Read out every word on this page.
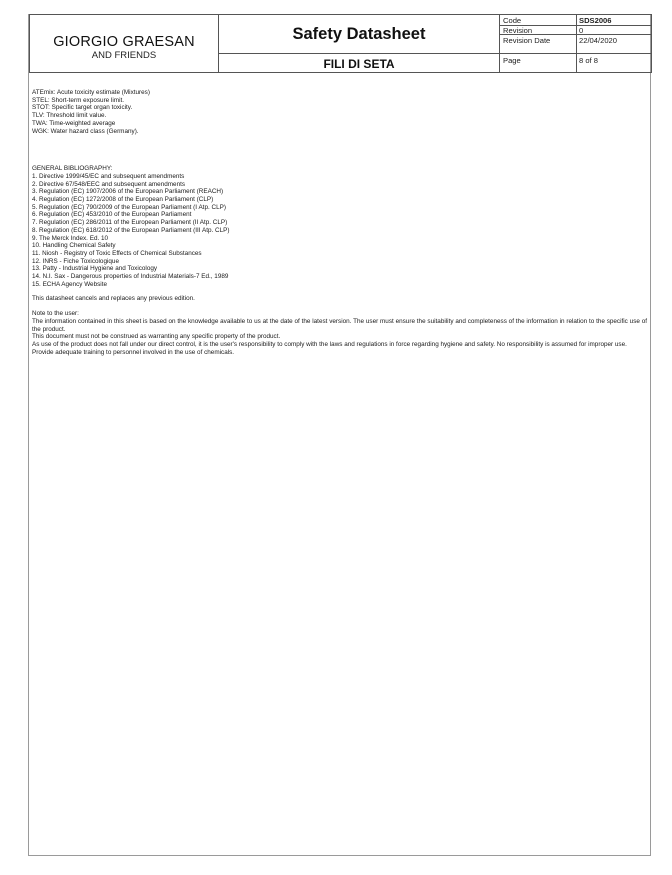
GIORGIO GRAESAN
AND FRIENDS
Safety Datasheet
FILI DI SETA
Code	SDS2006
Revision	0
Revision Date	22/04/2020
Page	8 of 8

ATEmix: Acute toxicity estimate (Mixtures)

STEL: Short-term exposure limit.

STOT: Specific target organ toxicity.

TLV: Threshold limit value.

TWA: Time-weighted average

WGK: Water hazard class (Germany).

GENERAL BIBLIOGRAPHY:

1. Directive 1999/45/EC and subsequent amendments

2. Directive 67/548/EEC and subsequent amendments

3. Regulation (EC) 1907/2006 of the European Parliament (REACH)

4. Regulation (EC) 1272/2008 of the European Parliament (CLP)

5. Regulation (EC) 790/2009 of the European Parliament (I Atp. CLP)

6. Regulation (EC) 453/2010 of the European Parliament

7. Regulation (EC) 286/2011 of the European Parliament (II Atp. CLP)

8. Regulation (EC) 618/2012 of the European Parliament (III Atp. CLP)

9. The Merck Index. Ed. 10

10. Handling Chemical Safety

11. Niosh - Registry of Toxic Effects of Chemical Substances

12. INRS - Fiche Toxicologique

13. Patty - Industrial Hygiene and Toxicology

14. N.I. Sax - Dangerous properties of Industrial Materials-7 Ed., 1989

15. ECHA Agency Website

This datasheet cancels and replaces any previous edition.

Note to the user:

The information contained in this sheet is based on the knowledge available to us at the date of the latest version. The user must ensure the suitability and completeness of the information in relation to the specific use of the product.

This document must not be construed as warranting any specific property of the product.

As use of the product does not fall under our direct control, it is the user's responsibility to comply with the laws and regulations in force regarding hygiene and safety. No responsibility is assumed for improper use.

Provide adequate training to personnel involved in the use of chemicals.
